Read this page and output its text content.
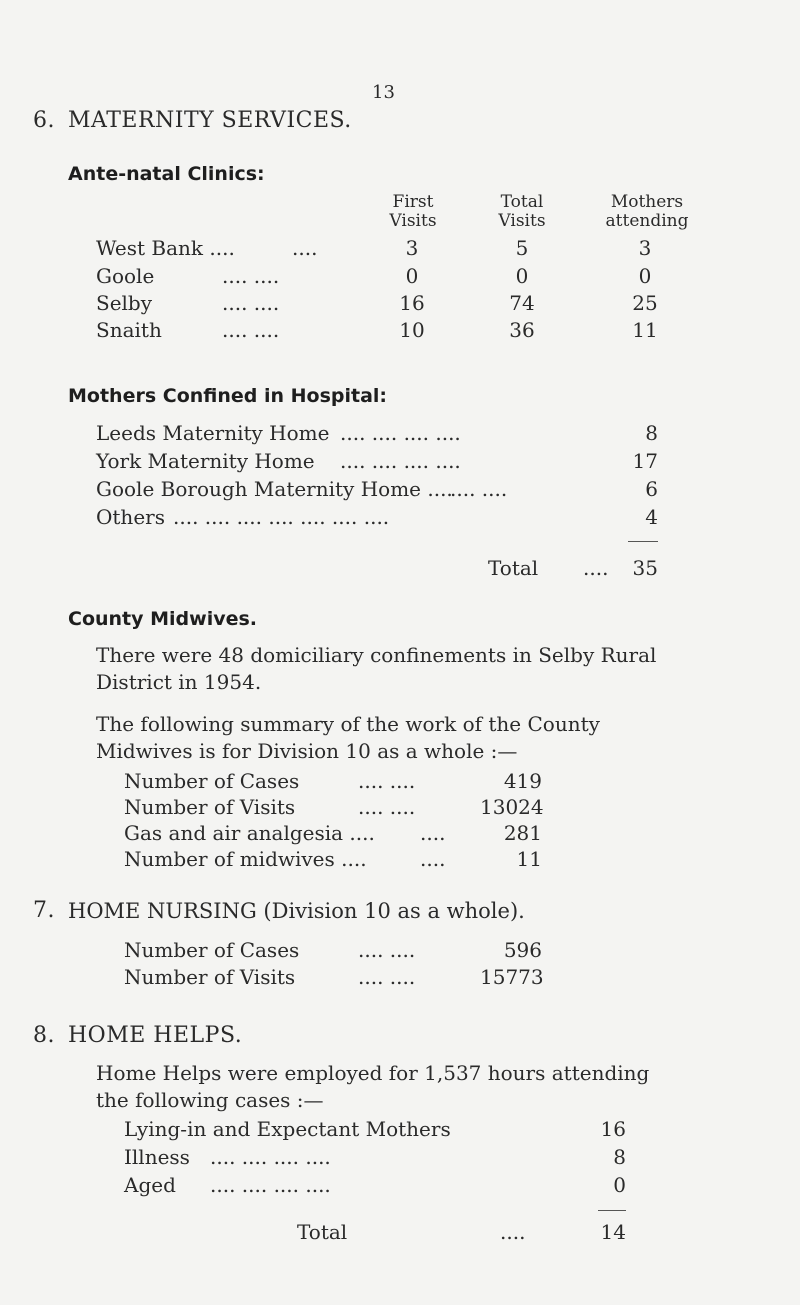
13
6. MATERNITY SERVICES.
Ante-natal Clinics:
First
Visits
Total
Visits
Mothers
attending
West Bank ....	....	3	5	3
Goole	.... ....	0	0	0
Selby	.... ....	16	74	25
Snaith	.... ....	10	36	11
Mothers Confined in Hospital:
Leeds Maternity Home .... .... .... ....	8
York Maternity Home .... .... .... ....	17
Goole Borough Maternity Home ....
.... ....	6
Others .... .... .... .... .... .... ....	4
Total ....	35
County Midwives.
There were 48 domiciliary confinements in Selby Rural
District in 1954.
The following summary of the work of the County
Midwives is for Division 10 as a whole :—
Number of Cases	.... ....	419
Number of Visits	.... ....	13024
Gas and air analgesia .... ....	281
Number of midwives ....	....	11
7. HOME NURSING (Division 10 as a whole).
Number of Cases	.... ....	596
Number of Visits	.... ....	15773
8. HOME HELPS.
Home Helps were employed for 1,537 hours attending
the following cases :—
Lying-in and Expectant Mothers	16
Illness .... .... .... ....	8
Aged .... .... .... ....	0
Total	....	14
